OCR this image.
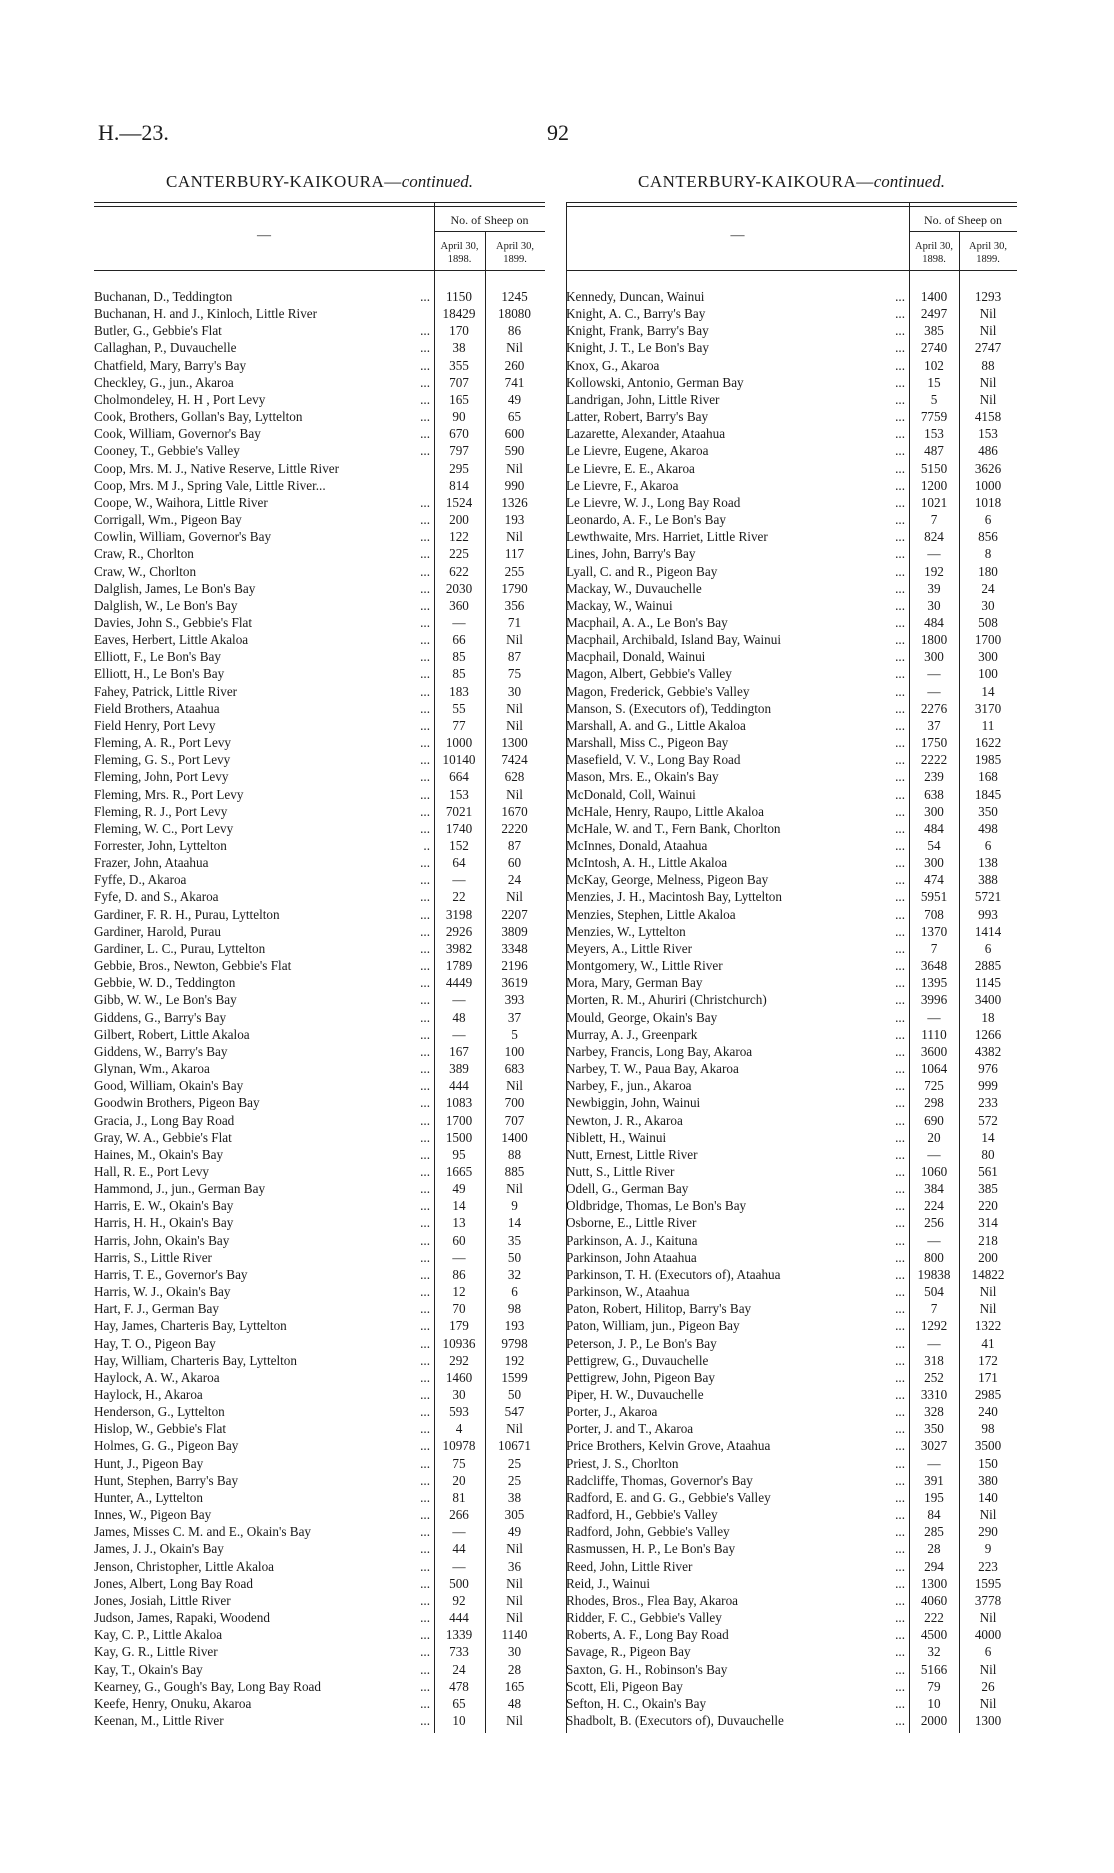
H.—23.	92
CANTERBURY-KAIKOURA—continued.
—
No. of Sheep on
April 30, 1898.
April 30, 1899.
Buchanan, D., Teddington	...	1150	1245
Buchanan, H. and J., Kinloch, Little River	18429	18080
Butler, G., Gebbie's Flat	...	170	86
Callaghan, P., Duvauchelle	...	38	Nil
Chatfield, Mary, Barry's Bay	...	355	260
Checkley, G., jun., Akaroa	...	707	741
Cholmondeley, H. H , Port Levy	...	165	49
Cook, Brothers, Gollan's Bay, Lyttelton	...	90	65
Cook, William, Governor's Bay	...	670	600
Cooney, T., Gebbie's Valley	...	797	590
Coop, Mrs. M. J., Native Reserve, Little River	295	Nil
Coop, Mrs. M J., Spring Vale, Little River...	814	990
Coope, W., Waihora, Little River	...	1524	1326
Corrigall, Wm., Pigeon Bay	...	200	193
Cowlin, William, Governor's Bay	...	122	Nil
Craw, R., Chorlton	...	225	117
Craw, W., Chorlton	...	622	255
Dalglish, James, Le Bon's Bay	...	2030	1790
Dalglish, W., Le Bon's Bay	...	360	356
Davies, John S., Gebbie's Flat	...	—	71
Eaves, Herbert, Little Akaloa	...	66	Nil
Elliott, F., Le Bon's Bay	...	85	87
Elliott, H., Le Bon's Bay	...	85	75
Fahey, Patrick, Little River	...	183	30
Field Brothers, Ataahua	...	55	Nil
Field Henry, Port Levy	...	77	Nil
Fleming, A. R., Port Levy	...	1000	1300
Fleming, G. S., Port Levy	... 10140	7424
Fleming, John, Port Levy	...	664	628
Fleming, Mrs. R., Port Levy	...	153	Nil
Fleming, R. J., Port Levy	...	7021	1670
Fleming, W. C., Port Levy	...	1740	2220
Forrester, John, Lyttelton	..	152	87
Frazer, John, Ataahua	...	64	60
Fyffe, D., Akaroa	...	—	24
Fyfe, D. and S., Akaroa	...	22	Nil
Gardiner, F. R. H., Purau, Lyttelton	...	3198	2207
Gardiner, Harold, Purau	...	2926	3809
Gardiner, L. C., Purau, Lyttelton	...	3982	3348
Gebbie, Bros., Newton, Gebbie's Flat	...	1789	2196
Gebbie, W. D., Teddington	...	4449	3619
Gibb, W. W., Le Bon's Bay	...	—	393
Giddens, G., Barry's Bay	...	48	37
Gilbert, Robert, Little Akaloa	...	—	5
Giddens, W., Barry's Bay	...	167	100
Glynan, Wm., Akaroa	...	389	683
Good, William, Okain's Bay	...	444	Nil
Goodwin Brothers, Pigeon Bay	...	1083	700
Gracia, J., Long Bay Road	...	1700	707
Gray, W. A., Gebbie's Flat	...	1500	1400
Haines, M., Okain's Bay	...	95	88
Hall, R. E., Port Levy	...	1665	885
Hammond, J., jun., German Bay	...	49	Nil
Harris, E. W., Okain's Bay	...	14	9
Harris, H. H., Okain's Bay	...	13	14
Harris, John, Okain's Bay	...	60	35
Harris, S., Little River	...	—	50
Harris, T. E., Governor's Bay	...	86	32
Harris, W. J., Okain's Bay	...	12	6
Hart, F. J., German Bay	...	70	98
Hay, James, Charteris Bay, Lyttelton	...	179	193
Hay, T. O., Pigeon Bay	... 10936	9798
Hay, William, Charteris Bay, Lyttelton	...	292	192
Haylock, A. W., Akaroa	...	1460	1599
Haylock, H., Akaroa	...	30	50
Henderson, G., Lyttelton	...	593	547
Hislop, W., Gebbie's Flat	...	4	Nil
Holmes, G. G., Pigeon Bay	... 10978	10671
Hunt, J., Pigeon Bay	...	75	25
Hunt, Stephen, Barry's Bay	...	20	25
Hunter, A., Lyttelton	...	81	38
Innes, W., Pigeon Bay	...	266	305
James, Misses C. M. and E., Okain's Bay	...	—	49
James, J. J., Okain's Bay	...	44	Nil
Jenson, Christopher, Little Akaloa	...	—	36
Jones, Albert, Long Bay Road	...	500	Nil
Jones, Josiah, Little River	...	92	Nil
Judson, James, Rapaki, Woodend	...	444	Nil
Kay, C. P., Little Akaloa	...	1339	1140
Kay, G. R., Little River	...	733	30
Kay, T., Okain's Bay	...	24	28
Kearney, G., Gough's Bay, Long Bay Road	...	478	165
Keefe, Henry, Onuku, Akaroa	...	65	48
Keenan, M., Little River	...	10	Nil
CANTERBURY-KAIKOURA—continued.
—
No. of Sheep on
April 30, 1898.
April 30, 1899.
Kennedy, Duncan, Wainui	...	1400	1293
Knight, A. C., Barry's Bay	...	2497	Nil
Knight, Frank, Barry's Bay	...	385	Nil
Knight, J. T., Le Bon's Bay	...	2740	2747
Knox, G., Akaroa	...	102	88
Kollowski, Antonio, German Bay	...	15	Nil
Landrigan, John, Little River	...	5	Nil
Latter, Robert, Barry's Bay	...	7759	4158
Lazarette, Alexander, Ataahua	...	153	153
Le Lievre, Eugene, Akaroa	...	487	486
Le Lievre, E. E., Akaroa	...	5150	3626
Le Lievre, F., Akaroa	...	1200	1000
Le Lievre, W. J., Long Bay Road	...	1021	1018
Leonardo, A. F., Le Bon's Bay	...	7	6
Lewthwaite, Mrs. Harriet, Little River	...	824	856
Lines, John, Barry's Bay	...	—	8
Lyall, C. and R., Pigeon Bay	...	192	180
Mackay, W., Duvauchelle	...	39	24
Mackay, W., Wainui	...	30	30
Macphail, A. A., Le Bon's Bay	...	484	508
Macphail, Archibald, Island Bay, Wainui	...	1800	1700
Macphail, Donald, Wainui	...	300	300
Magon, Albert, Gebbie's Valley	...	—	100
Magon, Frederick, Gebbie's Valley	...	—	14
Manson, S. (Executors of), Teddington	...	2276	3170
Marshall, A. and G., Little Akaloa	...	37	11
Marshall, Miss C., Pigeon Bay	...	1750	1622
Masefield, V. V., Long Bay Road	...	2222	1985
Mason, Mrs. E., Okain's Bay	...	239	168
McDonald, Coll, Wainui	...	638	1845
McHale, Henry, Raupo, Little Akaloa	...	300	350
McHale, W. and T., Fern Bank, Chorlton	...	484	498
McInnes, Donald, Ataahua	...	54	6
McIntosh, A. H., Little Akaloa	...	300	138
McKay, George, Melness, Pigeon Bay	...	474	388
Menzies, J. H., Macintosh Bay, Lyttelton	...	5951	5721
Menzies, Stephen, Little Akaloa	...	708	993
Menzies, W., Lyttelton	...	1370	1414
Meyers, A., Little River	...	7	6
Montgomery, W., Little River	...	3648	2885
Mora, Mary, German Bay	...	1395	1145
Morten, R. M., Ahuriri (Christchurch)	...	3996	3400
Mould, George, Okain's Bay	...	—	18
Murray, A. J., Greenpark	...	1110	1266
Narbey, Francis, Long Bay, Akaroa	...	3600	4382
Narbey, T. W., Paua Bay, Akaroa	...	1064	976
Narbey, F., jun., Akaroa	...	725	999
Newbiggin, John, Wainui	...	298	233
Newton, J. R., Akaroa	...	690	572
Niblett, H., Wainui	...	20	14
Nutt, Ernest, Little River	...	—	80
Nutt, S., Little River	...	1060	561
Odell, G., German Bay	...	384	385
Oldbridge, Thomas, Le Bon's Bay	...	224	220
Osborne, E., Little River	...	256	314
Parkinson, A. J., Kaituna	...	—	218
Parkinson, John Ataahua	...	800	200
Parkinson, T. H. (Executors of), Ataahua	... 19838	14822
Parkinson, W., Ataahua	...	504	Nil
Paton, Robert, Hilitop, Barry's Bay	...	7	Nil
Paton, William, jun., Pigeon Bay	...	1292	1322
Peterson, J. P., Le Bon's Bay	...	—	41
Pettigrew, G., Duvauchelle	...	318	172
Pettigrew, John, Pigeon Bay	...	252	171
Piper, H. W., Duvauchelle	...	3310	2985
Porter, J., Akaroa	...	328	240
Porter, J. and T., Akaroa	...	350	98
Price Brothers, Kelvin Grove, Ataahua	...	3027	3500
Priest, J. S., Chorlton	...	—	150
Radcliffe, Thomas, Governor's Bay	...	391	380
Radford, E. and G. G., Gebbie's Valley	...	195	140
Radford, H., Gebbie's Valley	...	84	Nil
Radford, John, Gebbie's Valley	...	285	290
Rasmussen, H. P., Le Bon's Bay	...	28	9
Reed, John, Little River	...	294	223
Reid, J., Wainui	...	1300	1595
Rhodes, Bros., Flea Bay, Akaroa	...	4060	3778
Ridder, F. C., Gebbie's Valley	...	222	Nil
Roberts, A. F., Long Bay Road	...	4500	4000
Savage, R., Pigeon Bay	...	32	6
Saxton, G. H., Robinson's Bay	...	5166	Nil
Scott, Eli, Pigeon Bay	...	79	26
Sefton, H. C., Okain's Bay	...	10	Nil
Shadbolt, B. (Executors of), Duvauchelle	...	2000	1300
